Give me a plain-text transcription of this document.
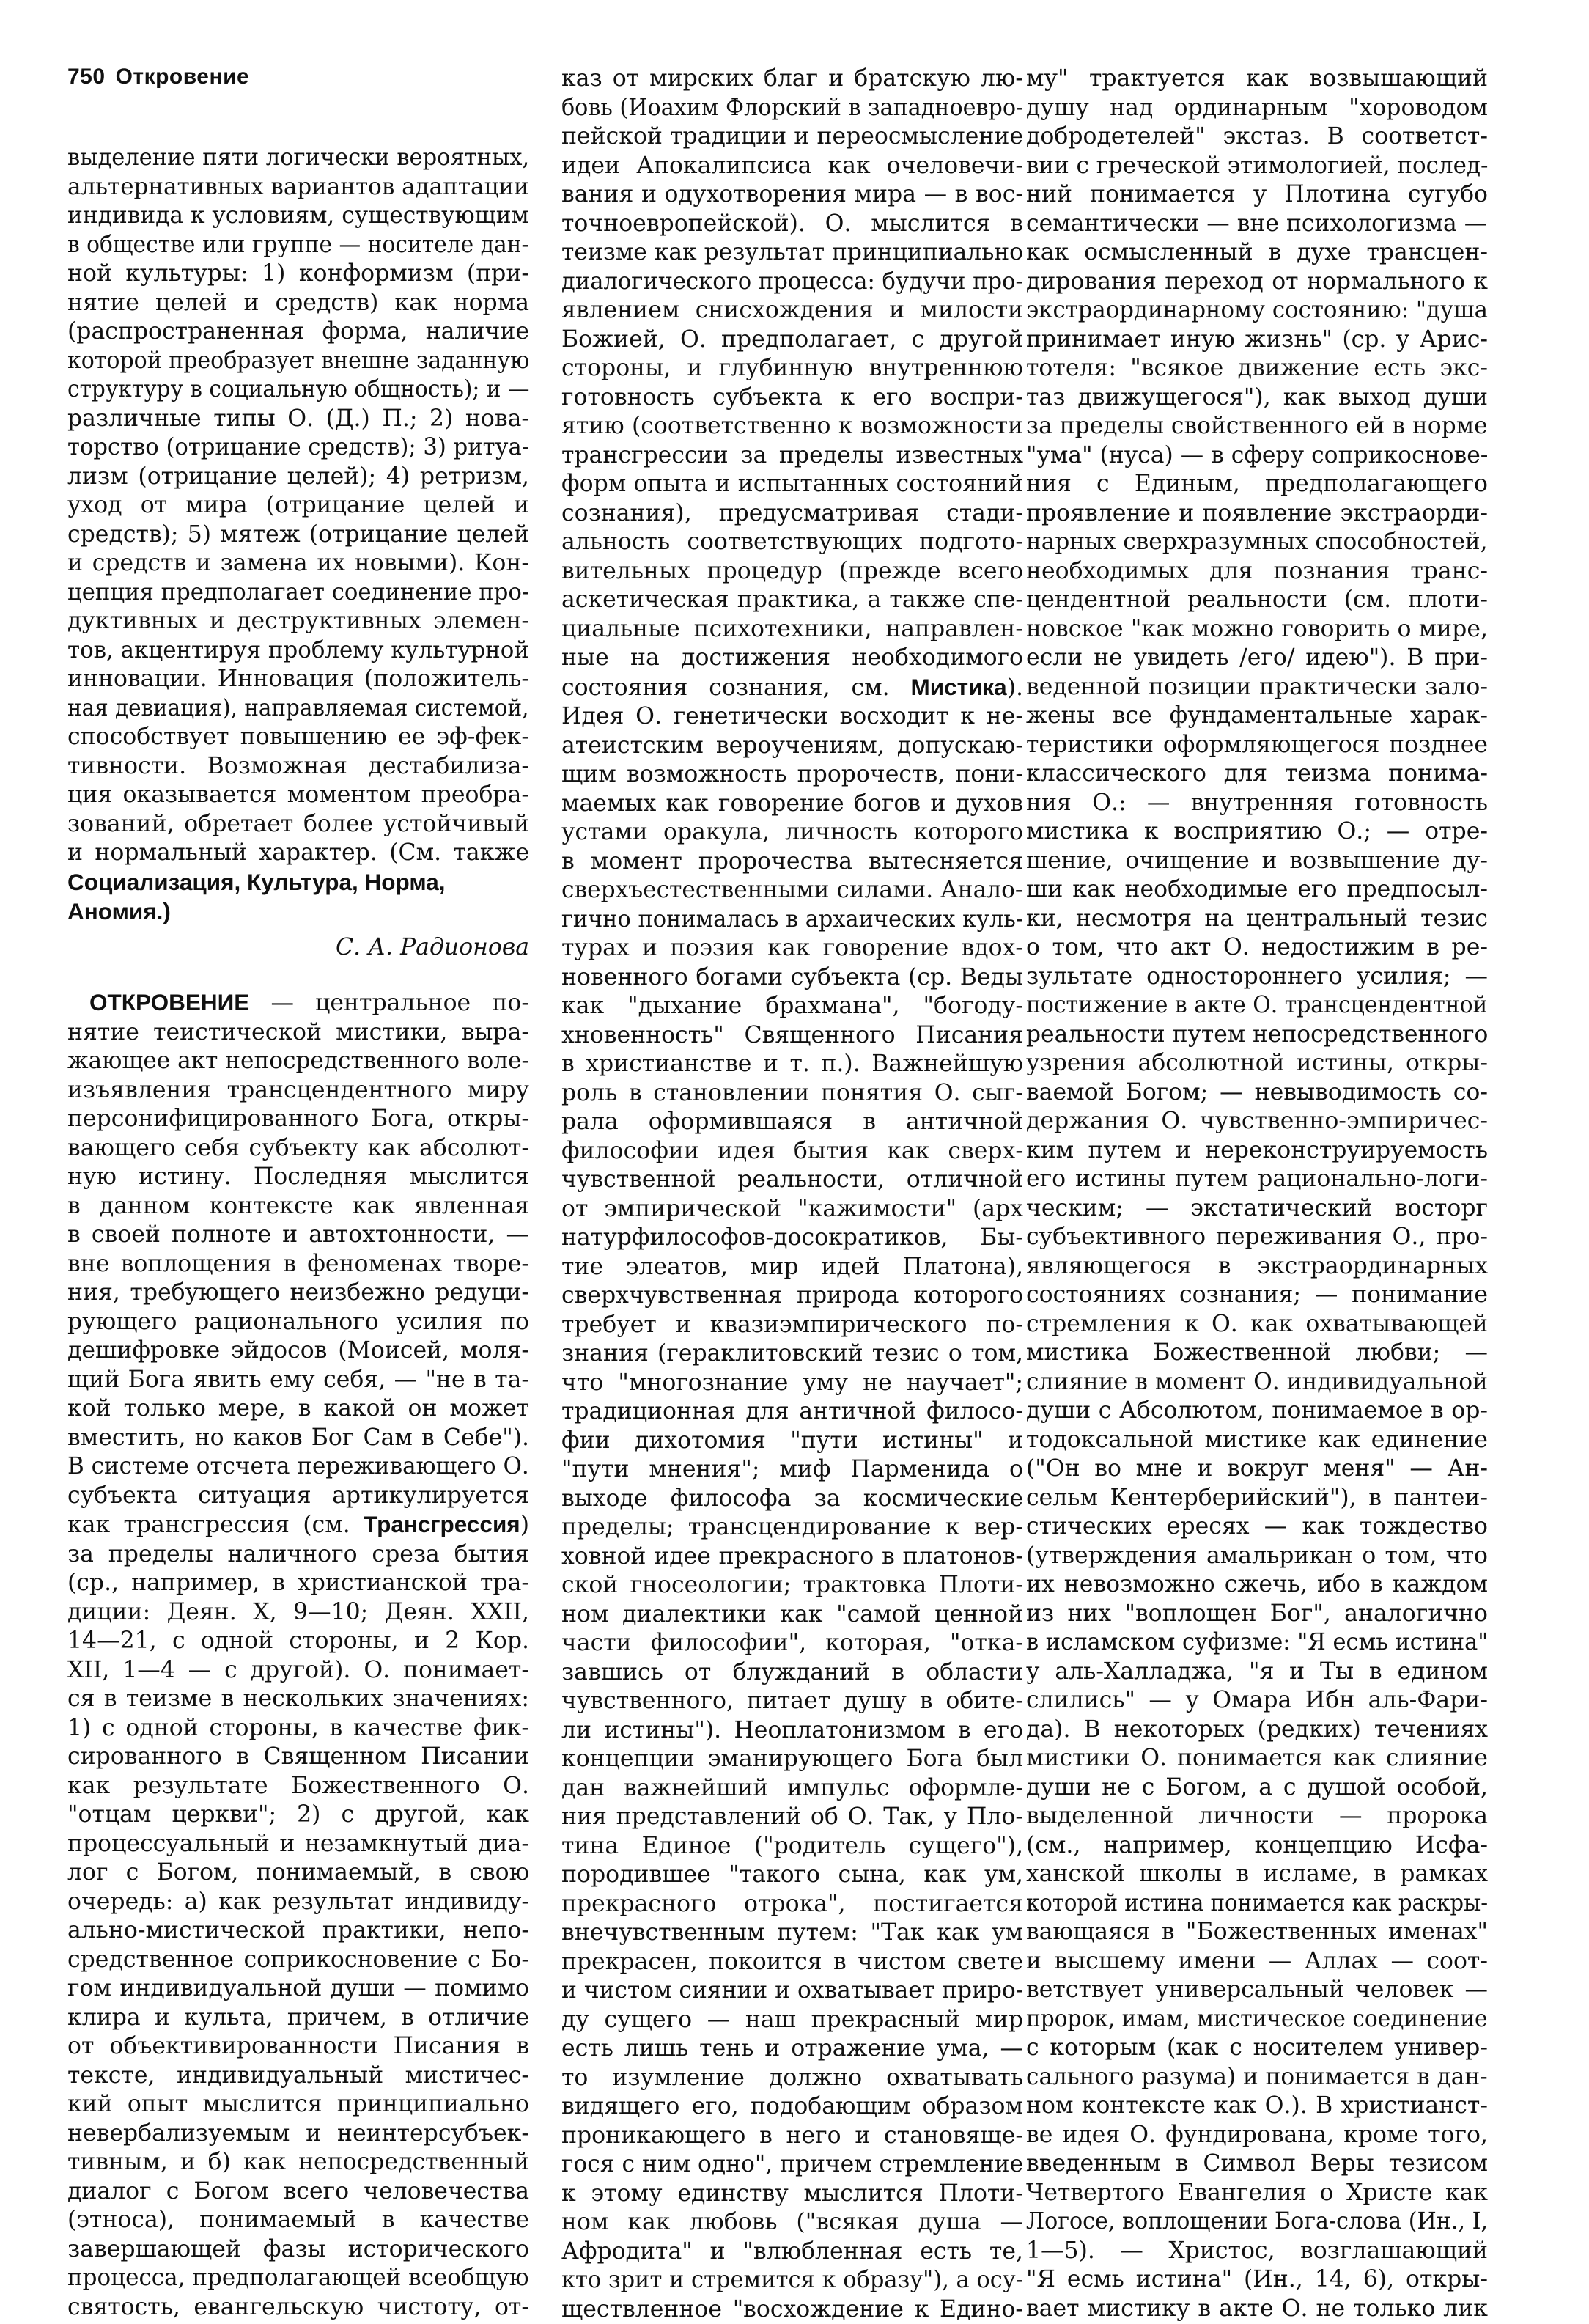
750 Откровение
выделение пяти логически вероятных,
альтернативных вариантов адаптации
индивида к условиям, существующим
в обществе или группе — носителе дан-
ной культуры: 1) конформизм (при-
нятие целей и средств) как норма
(распространенная форма, наличие
которой преобразует внешне заданную
структуру в социальную общность); и —
различные типы О. (Д.) П.; 2) нова-
торство (отрицание средств); 3) ритуа-
лизм (отрицание целей); 4) ретризм,
уход от мира (отрицание целей и
средств); 5) мятеж (отрицание целей
и средств и замена их новыми). Кон-
цепция предполагает соединение про-
дуктивных и деструктивных элемен-
тов, акцентируя проблему культурной
инновации. Инновация (положитель-
ная девиация), направляемая системой,
способствует повышению ее эф-фек-
тивности. Возможная дестабилиза-
ция оказывается моментом преобра-
зований, обретает более устойчивый
и нормальный характер. (См. также
Социализация, Культура, Норма,
Аномия.)
С. А. Радионова
ОТКРОВЕНИЕ — центральное по-
нятие теистической мистики, выра-
жающее акт непосредственного воле-
изъявления трансцендентного миру
персонифицированного Бога, откры-
вающего себя субъекту как абсолют-
ную истину. Последняя мыслится
в данном контексте как явленная
в своей полноте и автохтонности, —
вне воплощения в феноменах творе-
ния, требующего неизбежно редуци-
рующего рационального усилия по
дешифровке эйдосов (Моисей, моля-
щий Бога явить ему себя, — "не в та-
кой только мере, в какой он может
вместить, но каков Бог Сам в Себе").
В системе отсчета переживающего О.
субъекта ситуация артикулируется
как трансгрессия (см. Трансгрессия)
за пределы наличного среза бытия
(ср., например, в христианской тра-
диции: Деян. X, 9—10; Деян. XXII,
14—21, с одной стороны, и 2 Кор.
XII, 1—4 — с другой). О. понимает-
ся в теизме в нескольких значениях:
1) с одной стороны, в качестве фик-
сированного в Священном Писании
как результате Божественного О.
"отцам церкви"; 2) с другой, как
процессуальный и незамкнутый диа-
лог с Богом, понимаемый, в свою
очередь: а) как результат индивиду-
ально-мистической практики, непо-
средственное соприкосновение с Бо-
гом индивидуальной души — помимо
клира и культа, причем, в отличие
от объективированности Писания в
тексте, индивидуальный мистичес-
кий опыт мыслится принципиально
невербализуемым и неинтерсубъек-
тивным, и б) как непосредственный
диалог с Богом всего человечества
(этноса), понимаемый в качестве
завершающей фазы исторического
процесса, предполагающей всеобщую
святость, евангельскую чистоту, от-
каз от мирских благ и братскую лю-
бовь (Иоахим Флорский в западноевро-
пейской традиции и переосмысление
идеи Апокалипсиса как очеловечи-
вания и одухотворения мира — в вос-
точноевропейской). О. мыслится в
теизме как результат принципиально
диалогического процесса: будучи про-
явлением снисхождения и милости
Божией, О. предполагает, с другой
стороны, и глубинную внутреннюю
готовность субъекта к его воспри-
ятию (соответственно к возможности
трансгрессии за пределы известных
форм опыта и испытанных состояний
сознания), предусматривая стади-
альность соответствующих подгото-
вительных процедур (прежде всего
аскетическая практика, а также спе-
циальные психотехники, направлен-
ные на достижения необходимого
состояния сознания, см. Мистика).
Идея О. генетически восходит к не-
атеистским вероучениям, допускаю-
щим возможность пророчеств, пони-
маемых как говорение богов и духов
устами оракула, личность которого
в момент пророчества вытесняется
сверхъестественными силами. Анало-
гично понималась в архаических куль-
турах и поэзия как говорение вдох-
новенного богами субъекта (ср. Веды
как "дыхание брахмана", "богоду-
хновенность" Священного Писания
в христианстве и т. п.). Важнейшую
роль в становлении понятия О. сыг-
рала оформившаяся в античной
философии идея бытия как сверх-
чувственной реальности, отличной
от эмпирической "кажимости" (арх
натурфилософов-досократиков, Бы-
тие элеатов, мир идей Платона),
сверхчувственная природа которого
требует и квазиэмпирического по-
знания (гераклитовский тезис о том,
что "многознание уму не научает";
традиционная для античной филосо-
фии дихотомия "пути истины" и
"пути мнения"; миф Парменида о
выходе философа за космические
пределы; трансцендирование к вер-
ховной идее прекрасного в платонов-
ской гносеологии; трактовка Плоти-
ном диалектики как "самой ценной
части философии", которая, "отка-
завшись от блужданий в области
чувственного, питает душу в обите-
ли истины"). Неоплатонизмом в его
концепции эманирующего Бога был
дан важнейший импульс оформле-
ния представлений об О. Так, у Пло-
тина Единое ("родитель сущего"),
породившее "такого сына, как ум,
прекрасного отрока", постигается
внечувственным путем: "Так как ум
прекрасен, покоится в чистом свете
и чистом сиянии и охватывает приро-
ду сущего — наш прекрасный мир
есть лишь тень и отражение ума, —
то изумление должно охватывать
видящего его, подобающим образом
проникающего в него и становяще-
гося с ним одно", причем стремление
к этому единству мыслится Плоти-
ном как любовь ("всякая душа —
Афродита" и "влюбленная есть те,
кто зрит и стремится к образу"), а осу-
ществленное "восхождение к Едино-
му" трактуется как возвышающий
душу над ординарным "хороводом
добродетелей" экстаз. В соответст-
вии с греческой этимологией, послед-
ний понимается у Плотина сугубо
семантически — вне психологизма —
как осмысленный в духе трансцен-
дирования переход от нормального к
экстраординарному состоянию: "душа
принимает иную жизнь" (ср. у Арис-
тотеля: "всякое движение есть экс-
таз движущегося"), как выход души
за пределы свойственного ей в норме
"ума" (нуса) — в сферу соприкоснове-
ния с Единым, предполагающего
проявление и появление экстраорди-
нарных сверхразумных способностей,
необходимых для познания транс-
цендентной реальности (см. плоти-
новское "как можно говорить о мире,
если не увидеть /его/ идею"). В при-
веденной позиции практически зало-
жены все фундаментальные харак-
теристики оформляющегося позднее
классического для теизма понима-
ния О.: — внутренняя готовность
мистика к восприятию О.; — отре-
шение, очищение и возвышение ду-
ши как необходимые его предпосыл-
ки, несмотря на центральный тезис
о том, что акт О. недостижим в ре-
зультате одностороннего усилия; —
постижение в акте О. трансцендентной
реальности путем непосредственного
узрения абсолютной истины, откры-
ваемой Богом; — невыводимость со-
держания О. чувственно-эмпиричес-
ким путем и нереконструируемость
его истины путем рационально-логи-
ческим; — экстатический восторг
субъективного переживания О., про-
являющегося в экстраординарных
состояниях сознания; — понимание
стремления к О. как охватывающей
мистика Божественной любви; —
слияние в момент О. индивидуальной
души с Абсолютом, понимаемое в ор-
тодоксальной мистике как единение
("Он во мне и вокруг меня" — Ан-
сельм Кентерберийский"), в пантеи-
стических ересях — как тождество
(утверждения амальрикан о том, что
их невозможно сжечь, ибо в каждом
из них "воплощен Бог", аналогично
в исламском суфизме: "Я есмь истина"
у аль-Халладжа, "я и Ты в едином
слились" — у Омара Ибн аль-Фари-
да). В некоторых (редких) течениях
мистики О. понимается как слияние
души не с Богом, а с душой особой,
выделенной личности — пророка
(см., например, концепцию Исфа-
ханской школы в исламе, в рамках
которой истина понимается как раскры-
вающаяся в "Божественных именах"
и высшему имени — Аллах — соот-
ветствует универсальный человек —
пророк, имам, мистическое соединение
с которым (как с носителем универ-
сального разума) и понимается в дан-
ном контексте как О.). В христианст-
ве идея О. фундирована, кроме того,
введенным в Символ Веры тезисом
Четвертого Евангелия о Христе как
Логосе, воплощении Бога-слова (Ин., I,
1—5). — Христос, возглашающий
"Я есмь истина" (Ин., 14, 6), откры-
вает мистику в акте О. не только лик
